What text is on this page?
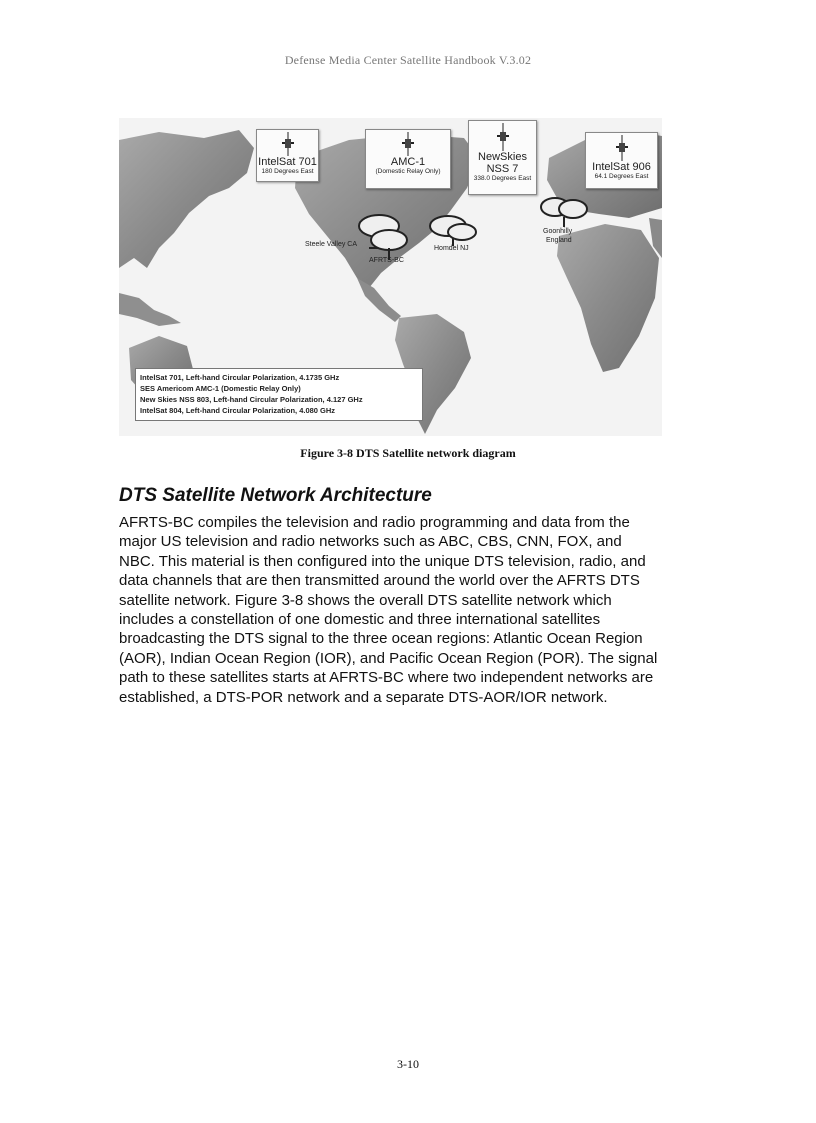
Defense Media Center Satellite Handbook V.3.02
IntelSat 701
180 Degrees East
AMC-1
(Domestic Relay Only)
NewSkies
NSS 7
338.0 Degrees East
IntelSat 906
64.1 Degrees East
Steele Valley CA
AFRTS-BC
Homdel NJ
Goonhilly
England
IntelSat 701, Left-hand Circular Polarization, 4.1735 GHz
SES Americom AMC-1 (Domestic Relay Only)
New Skies NSS 803, Left-hand Circular Polarization, 4.127 GHz
IntelSat 804, Left-hand Circular Polarization, 4.080 GHz
Figure 3-8 DTS Satellite network diagram
DTS Satellite Network Architecture

AFRTS-BC compiles the television and radio programming and data from the
major US television and radio networks such as ABC, CBS, CNN, FOX, and
NBC. This material is then configured into the unique DTS television, radio, and
data channels that are then transmitted around the world over the AFRTS DTS
satellite network. Figure 3-8 shows the overall DTS satellite network which
includes a constellation of one domestic and three international satellites
broadcasting the DTS signal to the three ocean regions: Atlantic Ocean Region
(AOR), Indian Ocean Region (IOR), and Pacific Ocean Region (POR). The signal
path to these satellites starts at AFRTS-BC where two independent networks are
established, a DTS-POR network and a separate DTS-AOR/IOR network.

3-10
